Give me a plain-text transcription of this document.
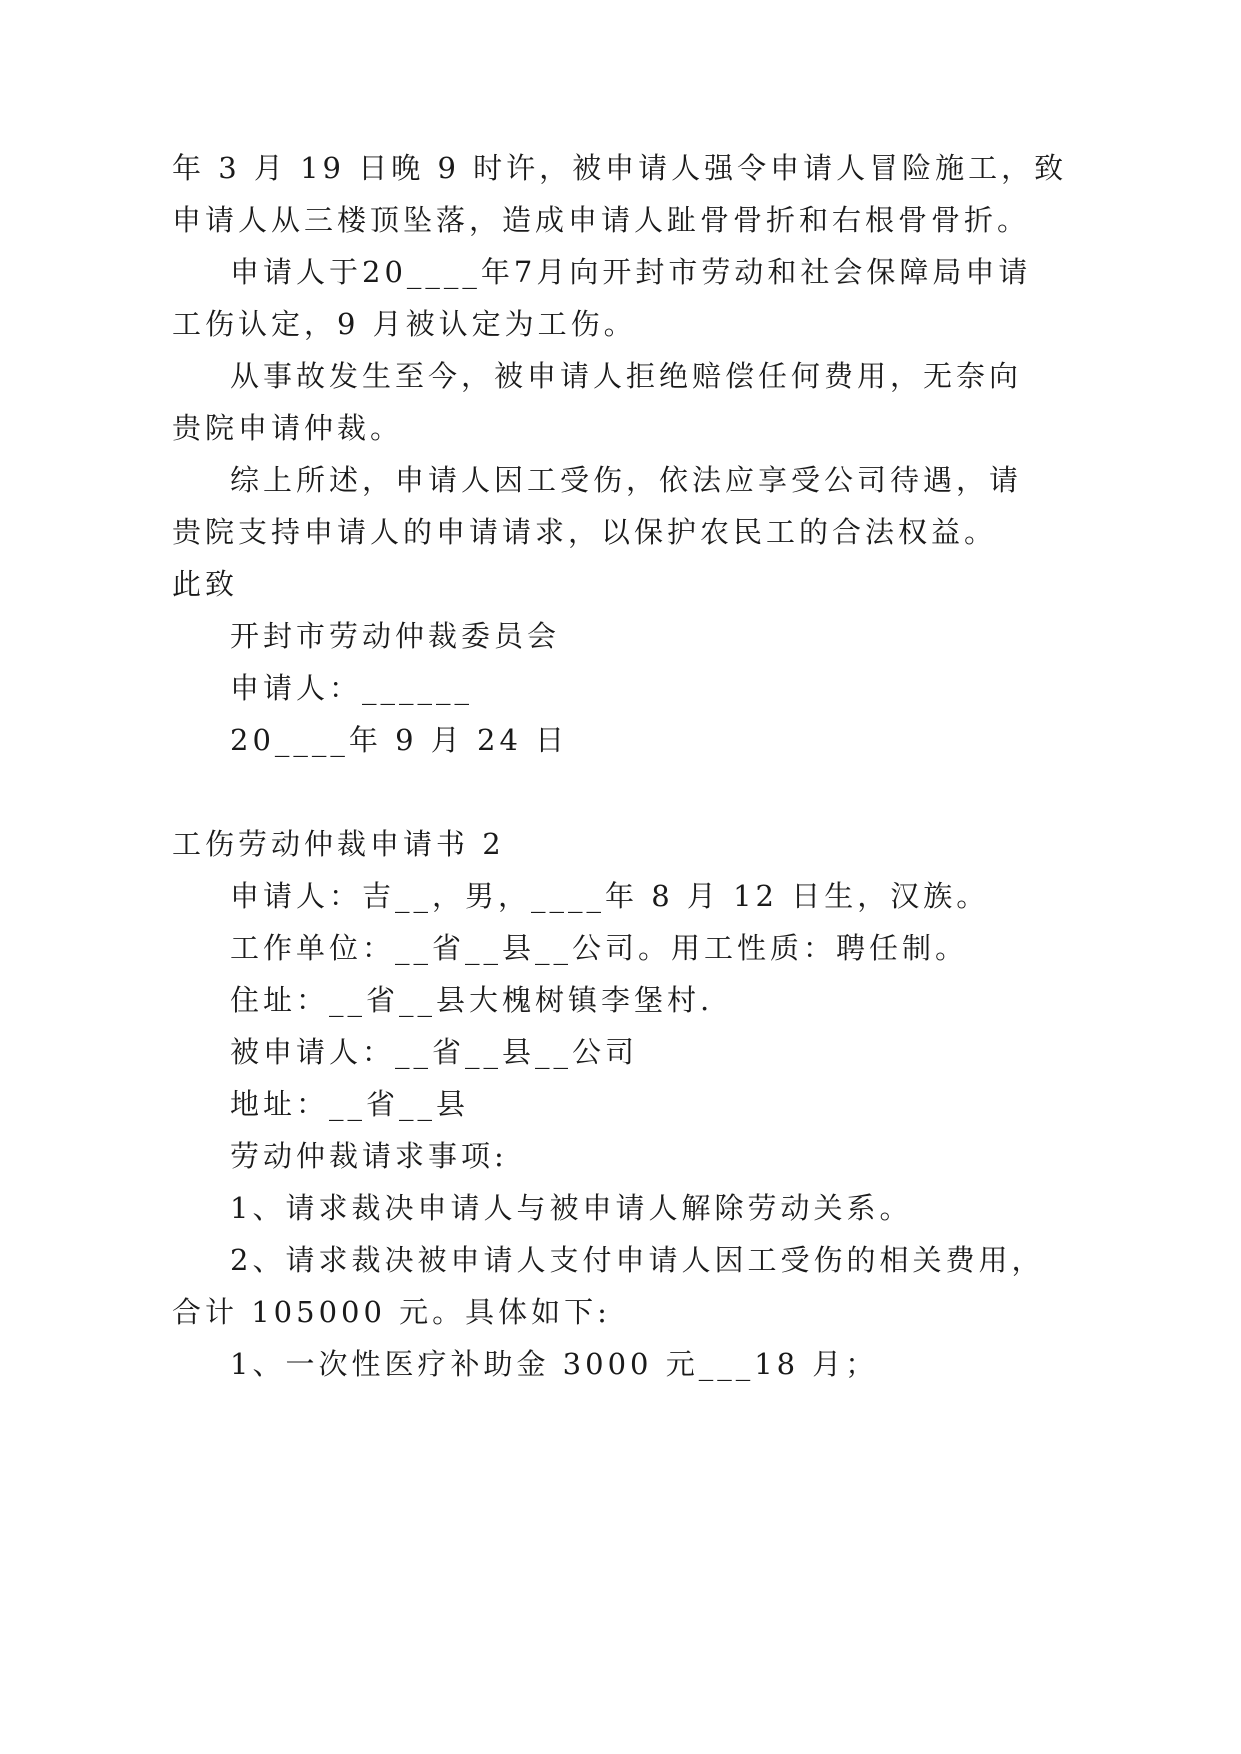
年 3 月 19 日晚 9 时许，被申请人强令申请人冒险施工，致
申请人从三楼顶坠落，造成申请人趾骨骨折和右根骨骨折。
申请人于20____年7月向开封市劳动和社会保障局申请
工伤认定，9 月被认定为工伤。
从事故发生至今，被申请人拒绝赔偿任何费用，无奈向
贵院申请仲裁。
综上所述，申请人因工受伤，依法应享受公司待遇，请
贵院支持申请人的申请请求，以保护农民工的合法权益。
此致
开封市劳动仲裁委员会
申请人：______
20____年 9 月 24 日
工伤劳动仲裁申请书 2
申请人：吉__，男，____年 8 月 12 日生，汉族。
工作单位：__省__县__公司。用工性质：聘任制。
住址：__省__县大槐树镇李堡村.
被申请人：__省__县__公司
地址：__省__县
劳动仲裁请求事项:
1、请求裁决申请人与被申请人解除劳动关系。
2、请求裁决被申请人支付申请人因工受伤的相关费用，
合计 105000 元。具体如下:
1、一次性医疗补助金 3000 元___18 月；
